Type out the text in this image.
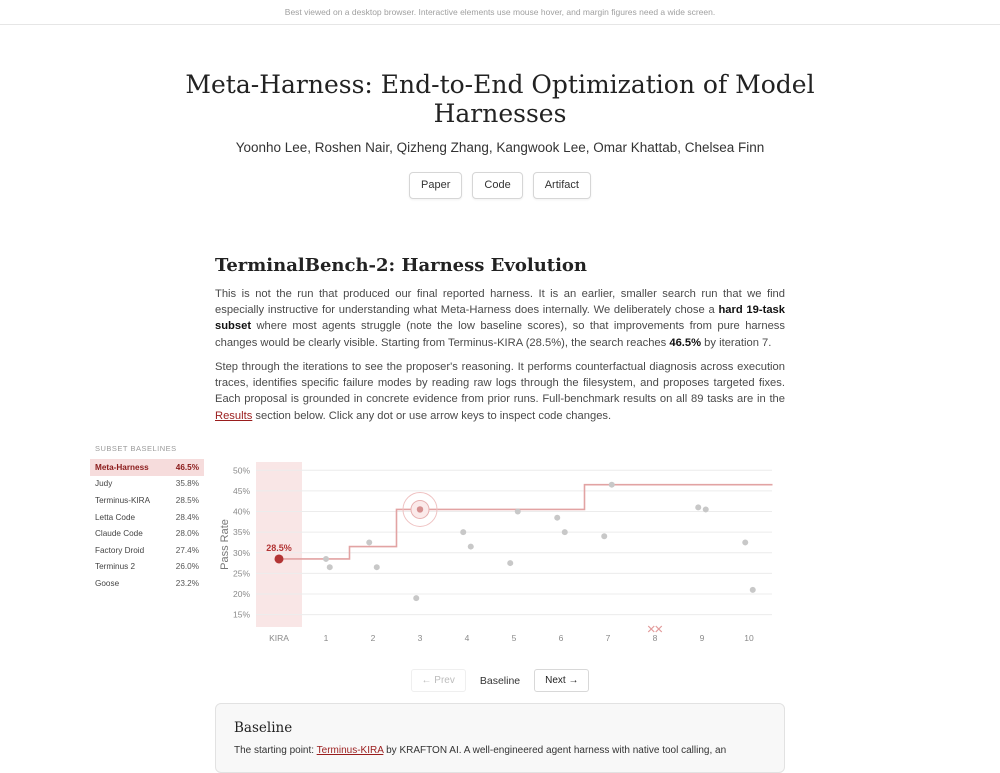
Best viewed on a desktop browser. Interactive elements use mouse hover, and margin figures need a wide screen.
Meta-Harness: End-to-End Optimization of Model Harnesses
Yoonho Lee, Roshen Nair, Qizheng Zhang, Kangwook Lee, Omar Khattab, Chelsea Finn
Paper	Code	Artifact
TerminalBench-2: Harness Evolution

This is not the run that produced our final reported harness. It is an earlier, smaller search run that we find especially instructive for understanding what Meta-Harness does internally. We deliberately chose a hard 19-task subset where most agents struggle (note the low baseline scores), so that improvements from pure harness changes would be clearly visible. Starting from Terminus-KIRA (28.5%), the search reaches 46.5% by iteration 7.

Step through the iterations to see the proposer's reasoning. It performs counterfactual diagnosis across execution traces, identifies specific failure modes by reading raw logs through the filesystem, and proposes targeted fixes. Each proposal is grounded in concrete evidence from prior runs. Full-benchmark results on all 89 tasks are in the Results section below. Click any dot or use arrow keys to inspect code changes.

SUBSET BASELINES
Meta-Harness	46.5%
Judy	35.8%
Terminus-KIRA	28.5%
Letta Code	28.4%
Claude Code	28.0%
Factory Droid	27.4%
Terminus 2	26.0%
Goose	23.2%
15%
20%
25%
30%
35%
40%
45%
50%
Pass Rate
KIRA	1	2	3	4	5	6	7	8	9	10
28.5%
← Prev	Baseline	Next →
Baseline
The starting point: Terminus-KIRA by KRAFTON AI. A well-engineered agent harness with native tool calling, an
